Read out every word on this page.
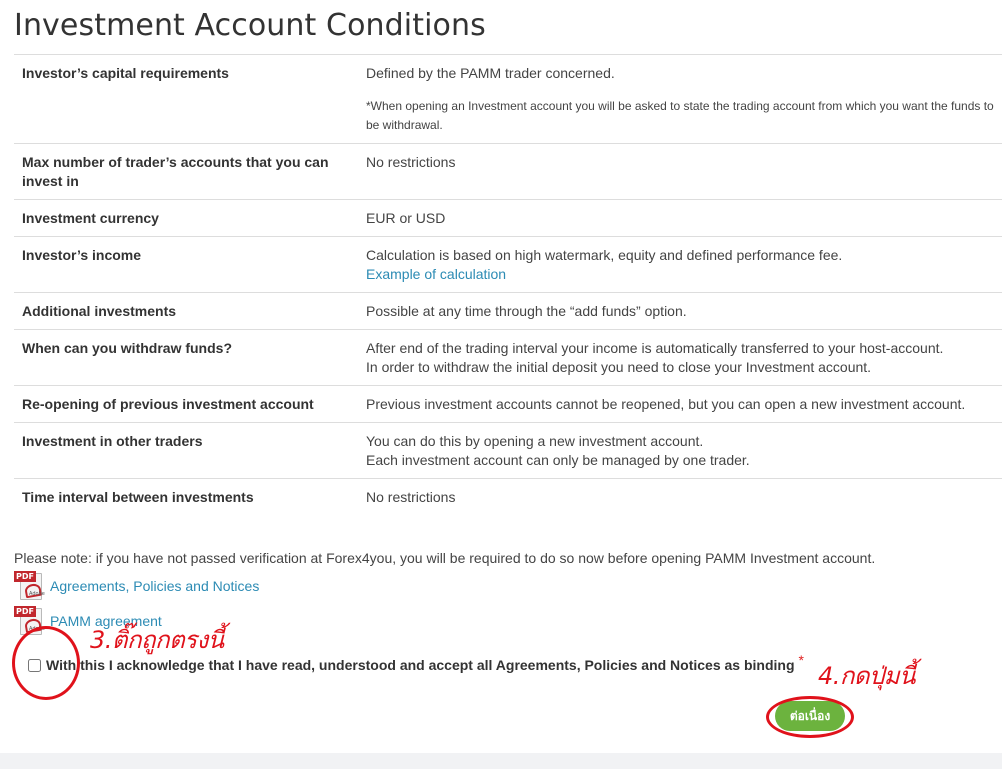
Investment Account Conditions
Investor’s capital requirements	Defined by the PAMM trader concerned.
*When opening an Investment account you will be asked to state the trading account from which you want the funds to be withdrawal.

Max number of trader’s accounts that you can invest in	No restrictions
Investment currency	EUR or USD
Investor’s income	Calculation is based on high watermark, equity and defined performance fee.
Example of calculation
Additional investments	Possible at any time through the “add funds” option.
When can you withdraw funds?	After end of the trading interval your income is automatically transferred to your host-account.
In order to withdraw the initial deposit you need to close your Investment account.

Re-opening of previous investment account	Previous investment accounts cannot be reopened, but you can open a new investment account.
Investment in other traders	You can do this by opening a new investment account.
Each investment account can only be managed by one trader.

Time interval between investments	No restrictions
Please note: if you have not passed verification at Forex4you, you will be required to do so now before opening PAMM Investment account.
PDF
Adobe Agreements, Policies and Notices
PDF
Adobe PAMM agreement
With this I acknowledge that I have read, understood and accept all Agreements, Policies and Notices as binding *
ต่อเนื่อง
3.ติ๊กถูกตรงนี้
4.กดปุ่มนี้
